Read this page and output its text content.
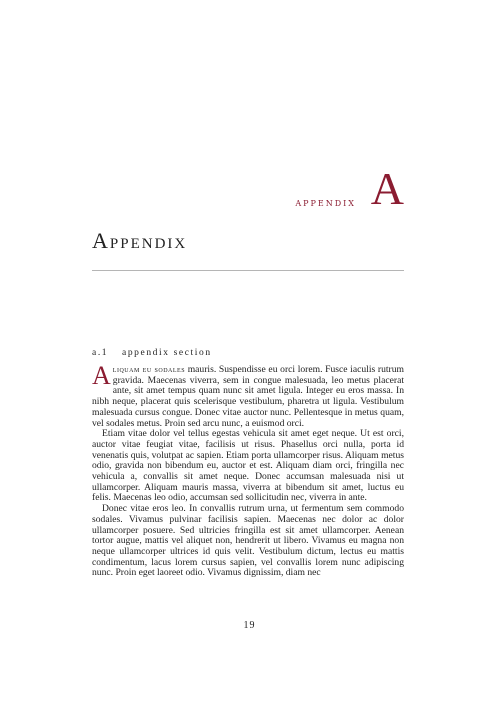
appendix A
Appendix
a.1 appendix section

Aliquam eu sodales mauris. Suspendisse eu orci lorem. Fusce iaculis rutrum gravida. Maecenas viverra, sem in congue malesuada, leo metus placerat ante, sit amet tempus quam nunc sit amet ligula. Integer eu eros massa. In nibh neque, placerat quis scelerisque vestibulum, pharetra ut ligula. Vestibulum malesuada cursus congue. Donec vitae auctor nunc. Pellentesque in metus quam, vel sodales metus. Proin sed arcu nunc, a euismod orci.

Etiam vitae dolor vel tellus egestas vehicula sit amet eget neque. Ut est orci, auctor vitae feugiat vitae, facilisis ut risus. Phasellus orci nulla, porta id venenatis quis, volutpat ac sapien. Etiam porta ullamcorper risus. Aliquam metus odio, gravida non bibendum eu, auctor et est. Aliquam diam orci, fringilla nec vehicula a, convallis sit amet neque. Donec accumsan malesuada nisi ut ullamcorper. Aliquam mauris massa, viverra at bibendum sit amet, luctus eu felis. Maecenas leo odio, accumsan sed sollicitudin nec, viverra in ante.

Donec vitae eros leo. In convallis rutrum urna, ut fermentum sem commodo sodales. Vivamus pulvinar facilisis sapien. Maecenas nec dolor ac dolor ullamcorper posuere. Sed ultricies fringilla est sit amet ullamcorper. Aenean tortor augue, mattis vel aliquet non, hendrerit ut libero. Vivamus eu magna non neque ullamcorper ultrices id quis velit. Vestibulum dictum, lectus eu mattis condimentum, lacus lorem cursus sapien, vel convallis lorem nunc adipiscing nunc. Proin eget laoreet odio. Vivamus dignissim, diam nec

19
